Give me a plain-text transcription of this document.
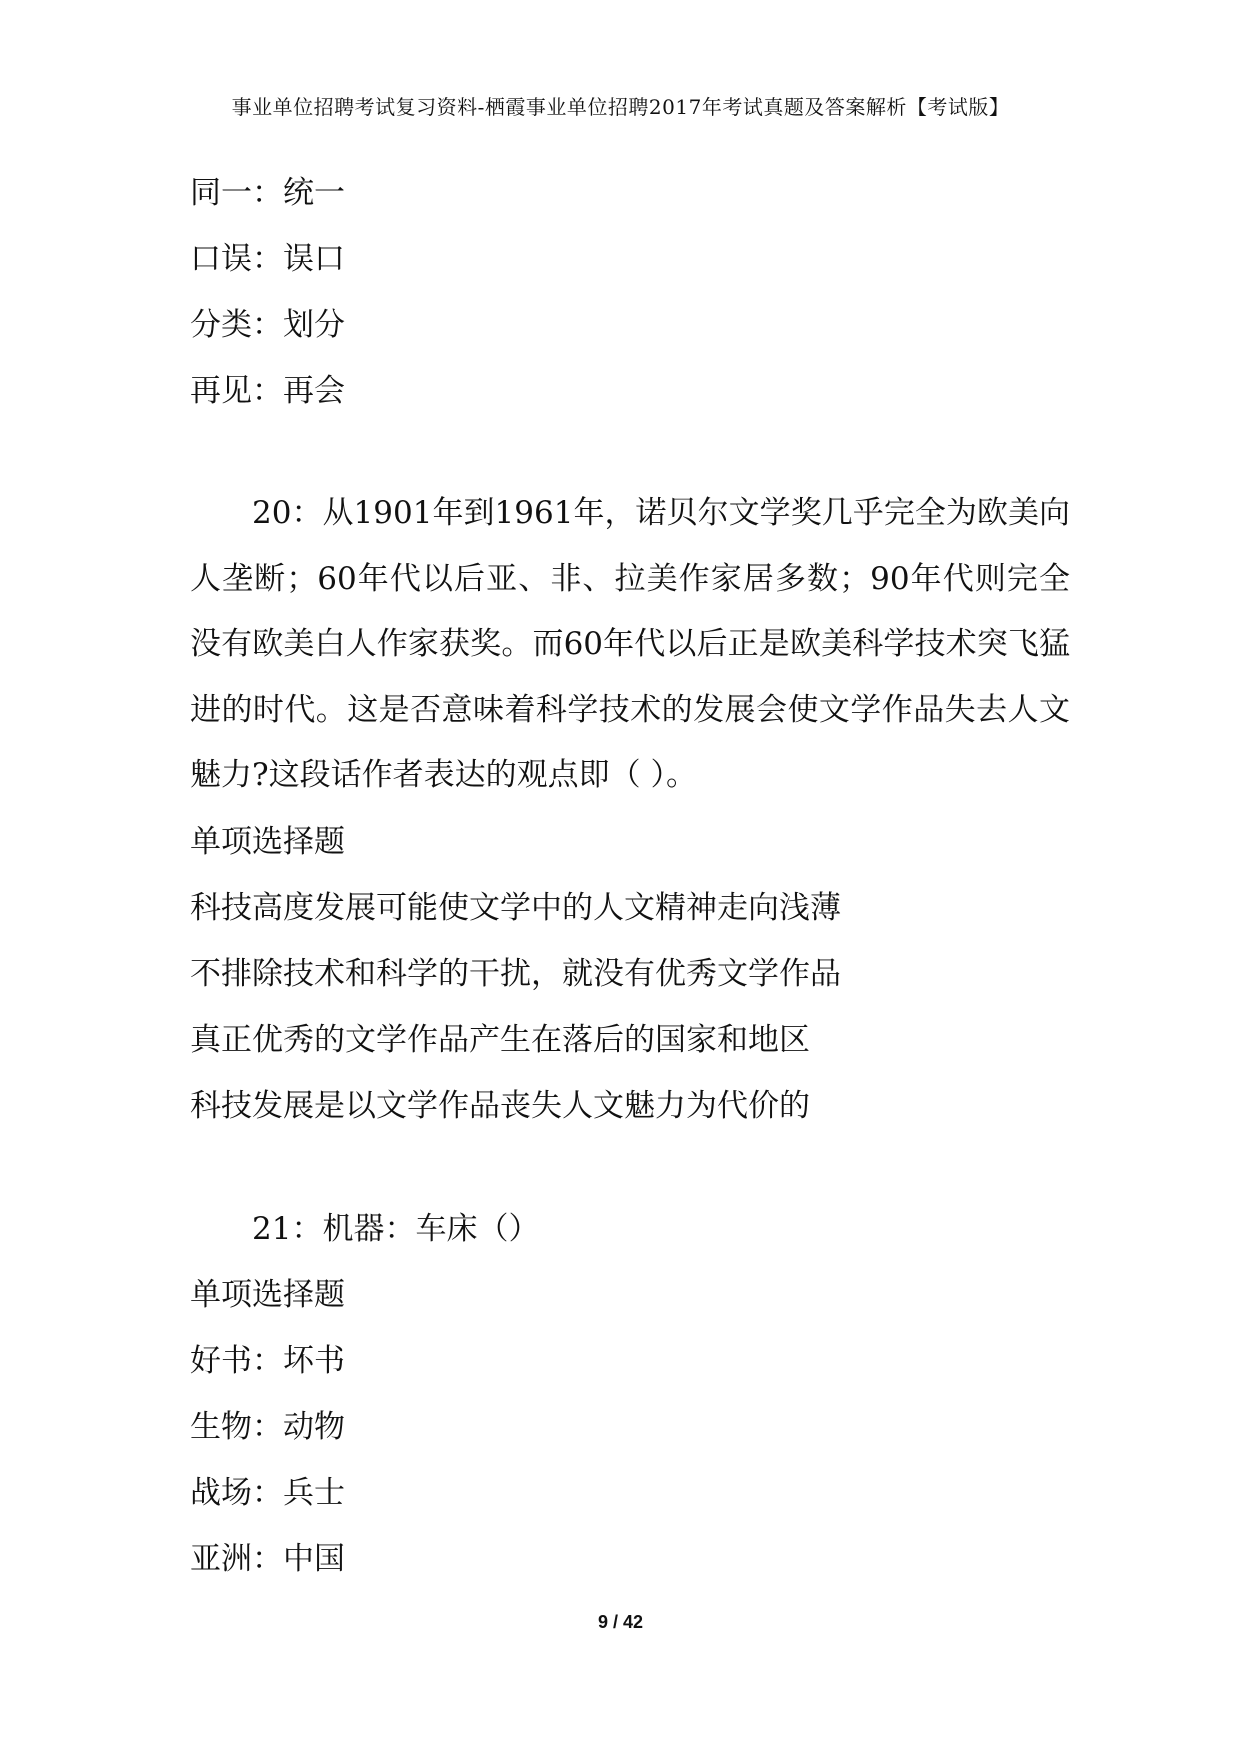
事业单位招聘考试复习资料-栖霞事业单位招聘2017年考试真题及答案解析【考试版】
同一：统一
口误：误口
分类：划分
再见：再会
20：从1901年到1961年，诺贝尔文学奖几乎完全为欧美向人垄断；60年代以后亚、非、拉美作家居多数；90年代则完全没有欧美白人作家获奖。而60年代以后正是欧美科学技术突飞猛进的时代。这是否意味着科学技术的发展会使文学作品失去人文魅力?这段话作者表达的观点即（ ）。
单项选择题
科技高度发展可能使文学中的人文精神走向浅薄
不排除技术和科学的干扰，就没有优秀文学作品
真正优秀的文学作品产生在落后的国家和地区
科技发展是以文学作品丧失人文魅力为代价的
21：机器：车床（）
单项选择题
好书：坏书
生物：动物
战场：兵士
亚洲：中国
9 / 42
